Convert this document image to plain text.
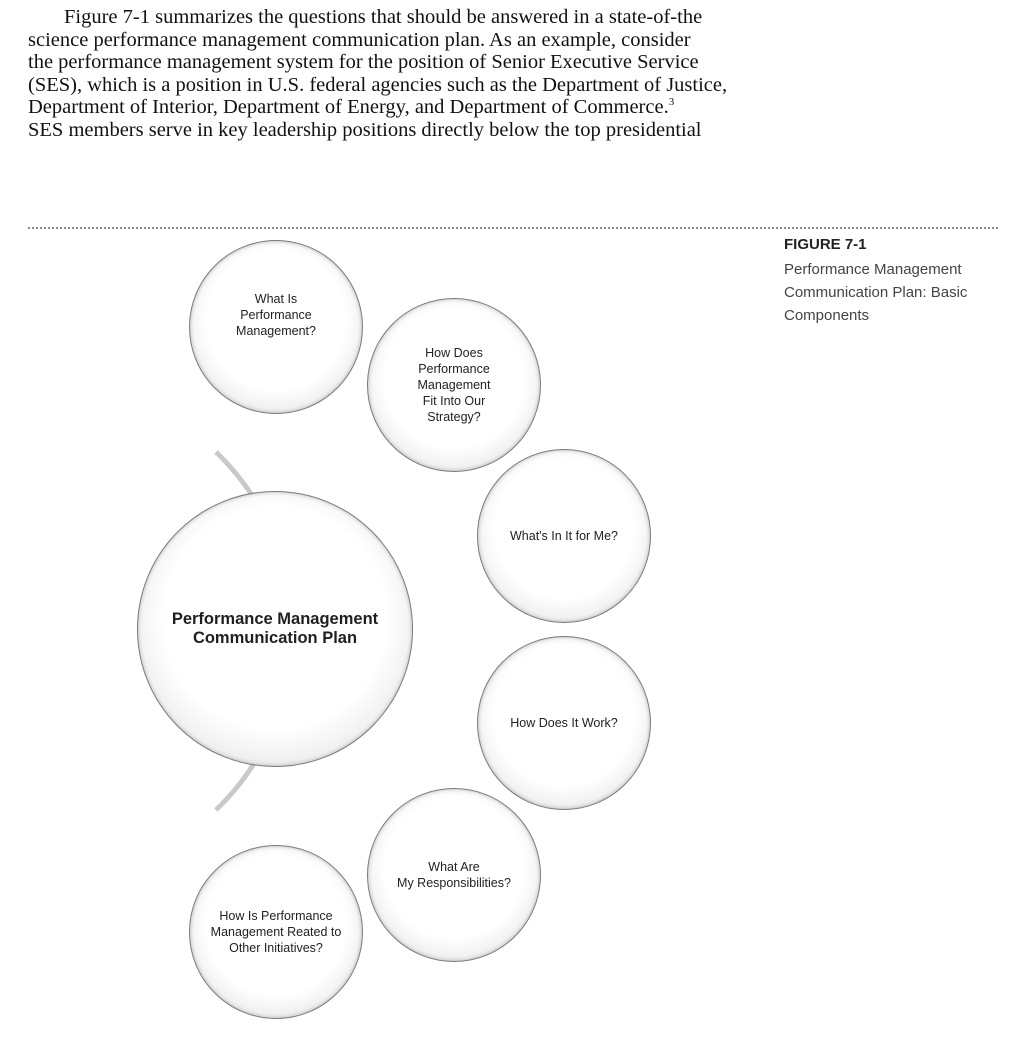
Figure 7-1 summarizes the questions that should be answered in a state-of-the
science performance management communication plan. As an example, consider
the performance management system for the position of Senior Executive Service
(SES), which is a position in U.S. federal agencies such as the Department of Justice,
Department of Interior, Department of Energy, and Department of Commerce.$^3$
SES members serve in key leadership positions directly below the top presidential
FIGURE 7-1
Performance Management Communication Plan: Basic Components
Performance Management
Communication Plan
What Is
Performance
Management?
How Does
Performance
Management
Fit Into Our
Strategy?
What's In It for Me?
How Does It Work?
What Are
My Responsibilities?
How Is Performance
Management Reated to
Other Initiatives?
